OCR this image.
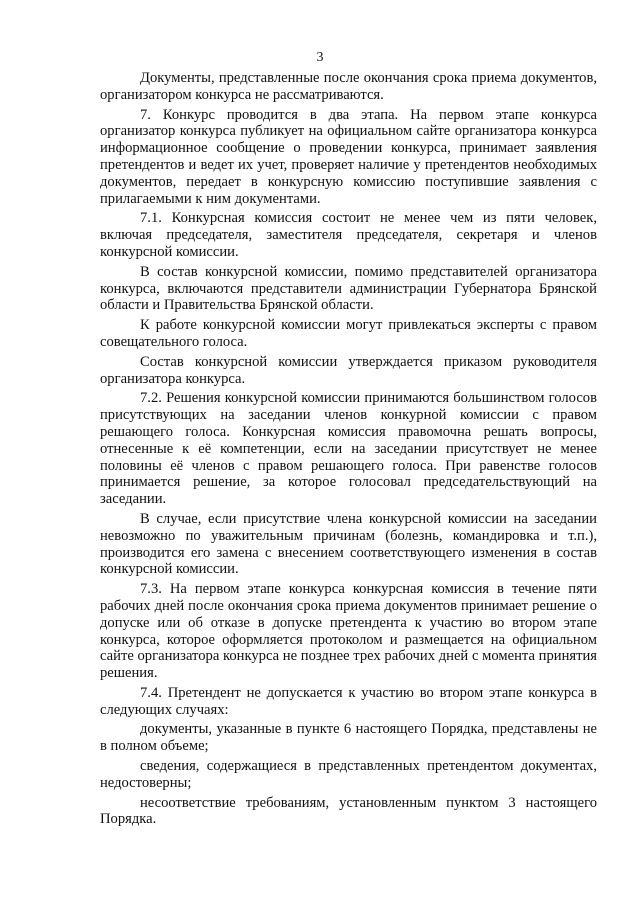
3

Документы, представленные после окончания срока приема документов, организатором конкурса не рассматриваются.

7. Конкурс проводится в два этапа. На первом этапе конкурса организатор конкурса публикует на официальном сайте организатора конкурса информационное сообщение о проведении конкурса, принимает заявления претендентов и ведет их учет, проверяет наличие у претендентов необходимых документов, передает в конкурсную комиссию поступившие заявления с прилагаемыми к ним документами.

7.1. Конкурсная комиссия состоит не менее чем из пяти человек, включая председателя, заместителя председателя, секретаря и членов конкурсной комиссии.

В состав конкурсной комиссии, помимо представителей организатора конкурса, включаются представители администрации Губернатора Брянской области и Правительства Брянской области.

К работе конкурсной комиссии могут привлекаться эксперты с правом совещательного голоса.

Состав конкурсной комиссии утверждается приказом руководителя организатора конкурса.

7.2. Решения конкурсной комиссии принимаются большинством голосов присутствующих на заседании членов конкурной комиссии с правом решающего голоса. Конкурсная комиссия правомочна решать вопросы, отнесенные к её компетенции, если на заседании присутствует не менее половины её членов с правом решающего голоса. При равенстве голосов принимается решение, за которое голосовал председательствующий на заседании.

В случае, если присутствие члена конкурсной комиссии на заседании невозможно по уважительным причинам (болезнь, командировка и т.п.), производится его замена с внесением соответствующего изменения в состав конкурсной комиссии.

7.3. На первом этапе конкурса конкурсная комиссия в течение пяти рабочих дней после окончания срока приема документов принимает решение о допуске или об отказе в допуске претендента к участию во втором этапе конкурса, которое оформляется протоколом и размещается на официальном сайте организатора конкурса не позднее трех рабочих дней с момента принятия решения.

7.4. Претендент не допускается к участию во втором этапе конкурса в следующих случаях:

документы, указанные в пункте 6 настоящего Порядка, представлены не в полном объеме;

сведения, содержащиеся в представленных претендентом документах, недостоверны;

несоответствие требованиям, установленным пунктом 3 настоящего Порядка.
